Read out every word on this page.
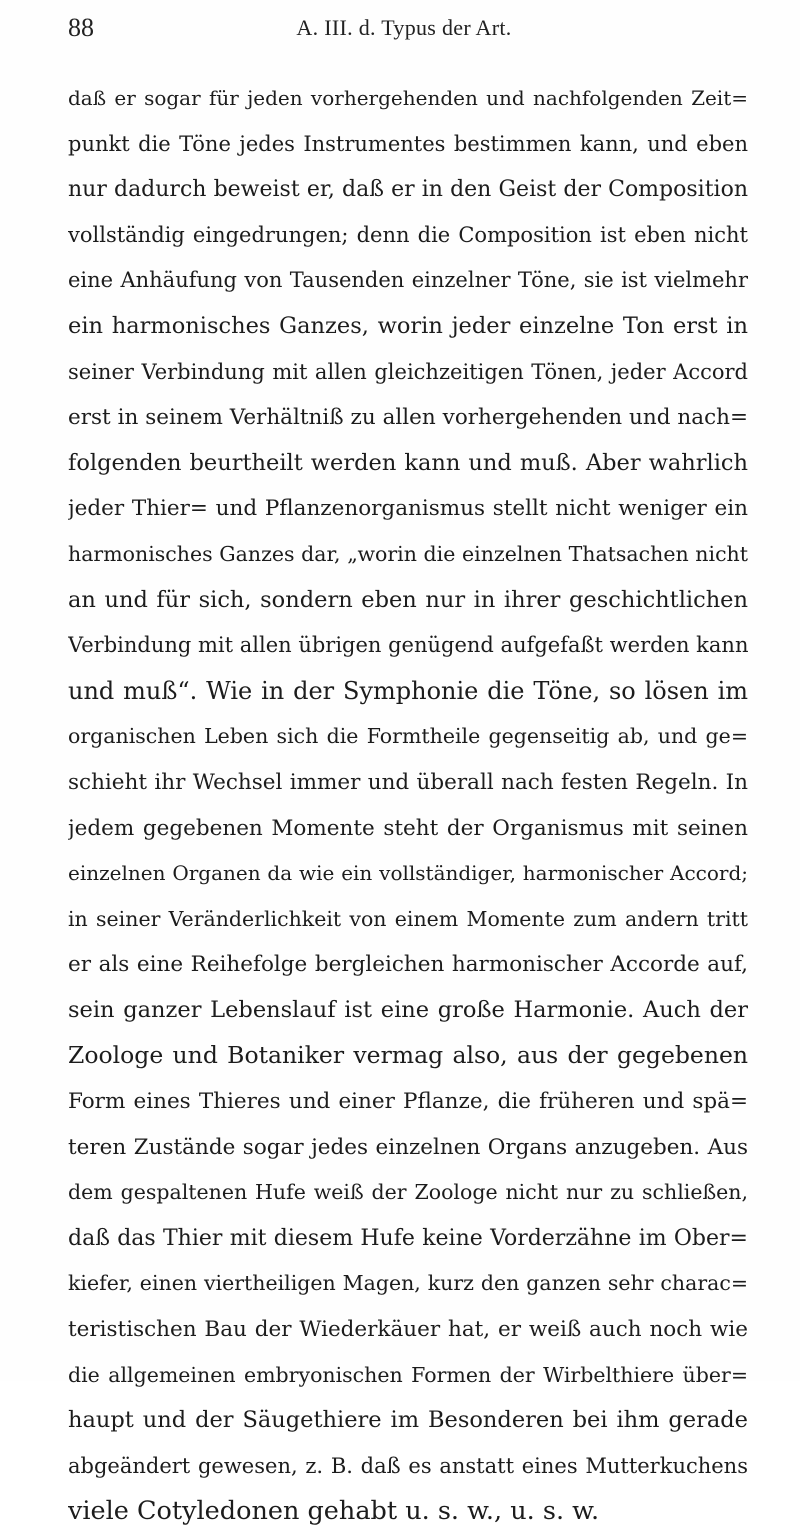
88	A. III. d. Typus der Art.
daß er sogar für jeden vorhergehenden und nachfolgenden Zeit=
punkt die Töne jedes Instrumentes bestimmen kann, und eben
nur dadurch beweist er, daß er in den Geist der Composition
vollständig eingedrungen; denn die Composition ist eben nicht
eine Anhäufung von Tausenden einzelner Töne, sie ist vielmehr
ein harmonisches Ganzes, worin jeder einzelne Ton erst in
seiner Verbindung mit allen gleichzeitigen Tönen, jeder Accord
erst in seinem Verhältniß zu allen vorhergehenden und nach=
folgenden beurtheilt werden kann und muß. Aber wahrlich
jeder Thier= und Pflanzenorganismus stellt nicht weniger ein
harmonisches Ganzes dar, „worin die einzelnen Thatsachen nicht
an und für sich, sondern eben nur in ihrer geschichtlichen
Verbindung mit allen übrigen genügend aufgefaßt werden kann
und muß“. Wie in der Symphonie die Töne, so lösen im
organischen Leben sich die Formtheile gegenseitig ab, und ge=
schieht ihr Wechsel immer und überall nach festen Regeln. In
jedem gegebenen Momente steht der Organismus mit seinen
einzelnen Organen da wie ein vollständiger, harmonischer Accord;
in seiner Veränderlichkeit von einem Momente zum andern tritt
er als eine Reihefolge bergleichen harmonischer Accorde auf,
sein ganzer Lebenslauf ist eine große Harmonie. Auch der
Zoologe und Botaniker vermag also, aus der gegebenen
Form eines Thieres und einer Pflanze, die früheren und spä=
teren Zustände sogar jedes einzelnen Organs anzugeben. Aus
dem gespaltenen Hufe weiß der Zoologe nicht nur zu schließen,
daß das Thier mit diesem Hufe keine Vorderzähne im Ober=
kiefer, einen viertheiligen Magen, kurz den ganzen sehr charac=
teristischen Bau der Wiederkäuer hat, er weiß auch noch wie
die allgemeinen embryonischen Formen der Wirbelthiere über=
haupt und der Säugethiere im Besonderen bei ihm gerade
abgeändert gewesen, z. B. daß es anstatt eines Mutterkuchens
viele Cotyledonen gehabt u. s. w., u. s. w.
